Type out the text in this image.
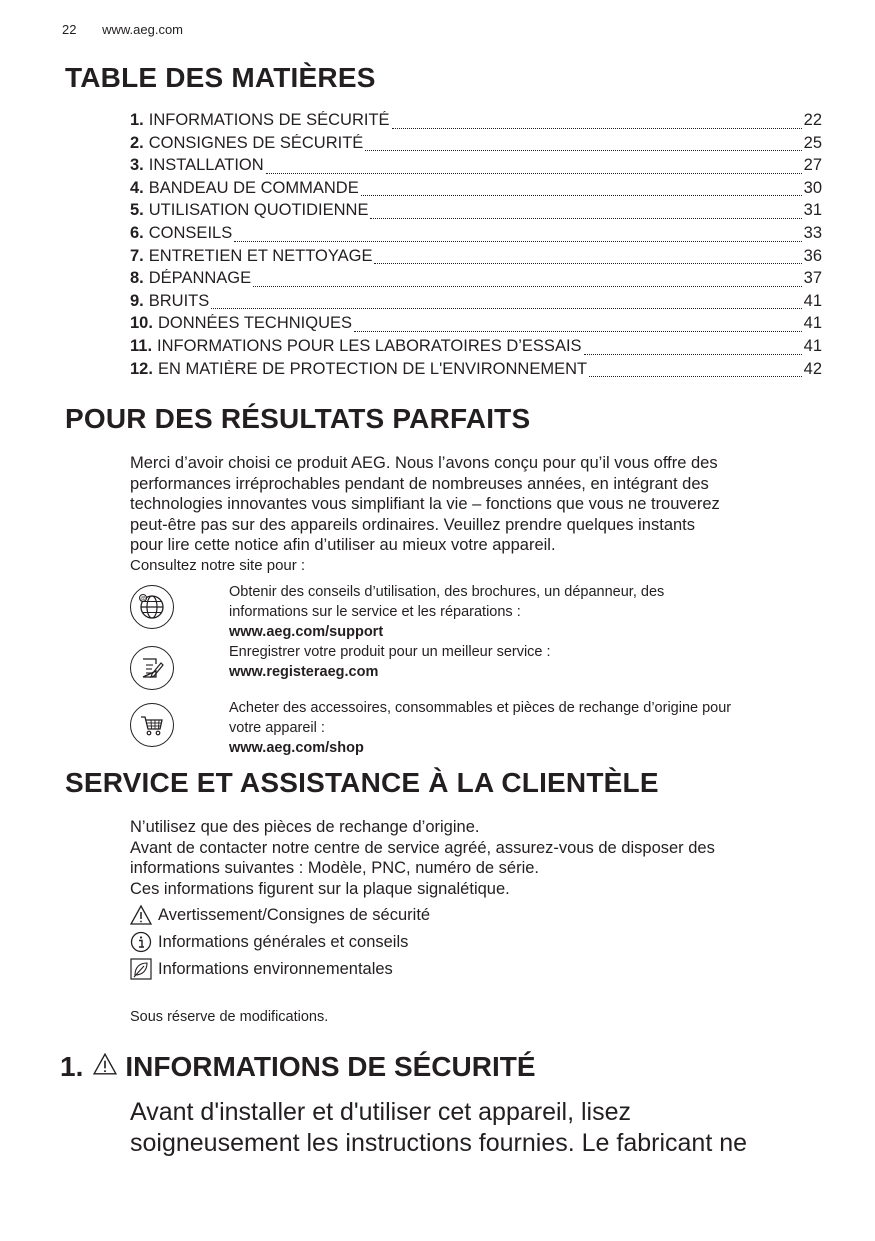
22 www.aeg.com
TABLE DES MATIÈRES
1. INFORMATIONS DE SÉCURITÉ	22
2. CONSIGNES DE SÉCURITÉ	25
3. INSTALLATION	27
4. BANDEAU DE COMMANDE	30
5. UTILISATION QUOTIDIENNE	31
6. CONSEILS	33
7. ENTRETIEN ET NETTOYAGE	36
8. DÉPANNAGE	37
9. BRUITS	41
10. DONNÉES TECHNIQUES	41
11. INFORMATIONS POUR LES LABORATOIRES D’ESSAIS	41
12. EN MATIÈRE DE PROTECTION DE L'ENVIRONNEMENT	42
POUR DES RÉSULTATS PARFAITS
Merci d’avoir choisi ce produit AEG. Nous l’avons conçu pour qu’il vous offre des
performances irréprochables pendant de nombreuses années, en intégrant des
technologies innovantes vous simplifiant la vie – fonctions que vous ne trouverez
peut-être pas sur des appareils ordinaires. Veuillez prendre quelques instants
pour lire cette notice afin d’utiliser au mieux votre appareil.
Consultez notre site pour :
@	Obtenir des conseils d’utilisation, des brochures, un dépanneur, des
informations sur le service et les réparations :
www.aeg.com/support
Enregistrer votre produit pour un meilleur service :
www.registeraeg.com
Acheter des accessoires, consommables et pièces de rechange d’origine pour
votre appareil :
www.aeg.com/shop
SERVICE ET ASSISTANCE À LA CLIENTÈLE
N’utilisez que des pièces de rechange d’origine.
Avant de contacter notre centre de service agréé, assurez-vous de disposer des
informations suivantes : Modèle, PNC, numéro de série.
Ces informations figurent sur la plaque signalétique.
Avertissement/Consignes de sécurité
Informations générales et conseils
Informations environnementales
Sous réserve de modifications.
1. INFORMATIONS DE SÉCURITÉ
Avant d'installer et d'utiliser cet appareil, lisez
soigneusement les instructions fournies. Le fabricant ne
